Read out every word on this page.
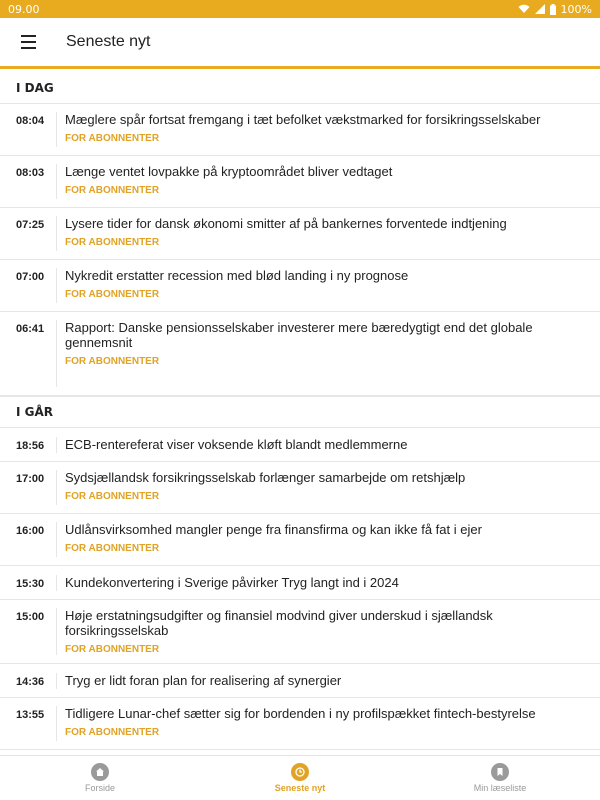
09.00	100%
Seneste nyt
I DAG
08:04	Mæglere spår fortsat fremgang i tæt befolket vækstmarked for forsikringsselskaber
FOR ABONNENTER
08:03	Længe ventet lovpakke på kryptoområdet bliver vedtaget
FOR ABONNENTER
07:25	Lysere tider for dansk økonomi smitter af på bankernes forventede indtjening
FOR ABONNENTER
07:00	Nykredit erstatter recession med blød landing i ny prognose
FOR ABONNENTER
06:41	Rapport: Danske pensionsselskaber investerer mere bæredygtigt end det globale gennemsnit
FOR ABONNENTER
I GÅR
18:56	ECB-rentereferat viser voksende kløft blandt medlemmerne
17:00	Sydsjællandsk forsikringsselskab forlænger samarbejde om retshjælp
FOR ABONNENTER
16:00	Udlånsvirksomhed mangler penge fra finansfirma og kan ikke få fat i ejer
FOR ABONNENTER
15:30	Kundekonvertering i Sverige påvirker Tryg langt ind i 2024
15:00	Høje erstatningsudgifter og finansiel modvind giver underskud i sjællandsk forsikringsselskab
FOR ABONNENTER
14:36	Tryg er lidt foran plan for realisering af synergier
13:55	Tidligere Lunar-chef sætter sig for bordenden i ny profilspækket fintech-bestyrelse
FOR ABONNENTER
Forside	Seneste nyt	Min læseliste
